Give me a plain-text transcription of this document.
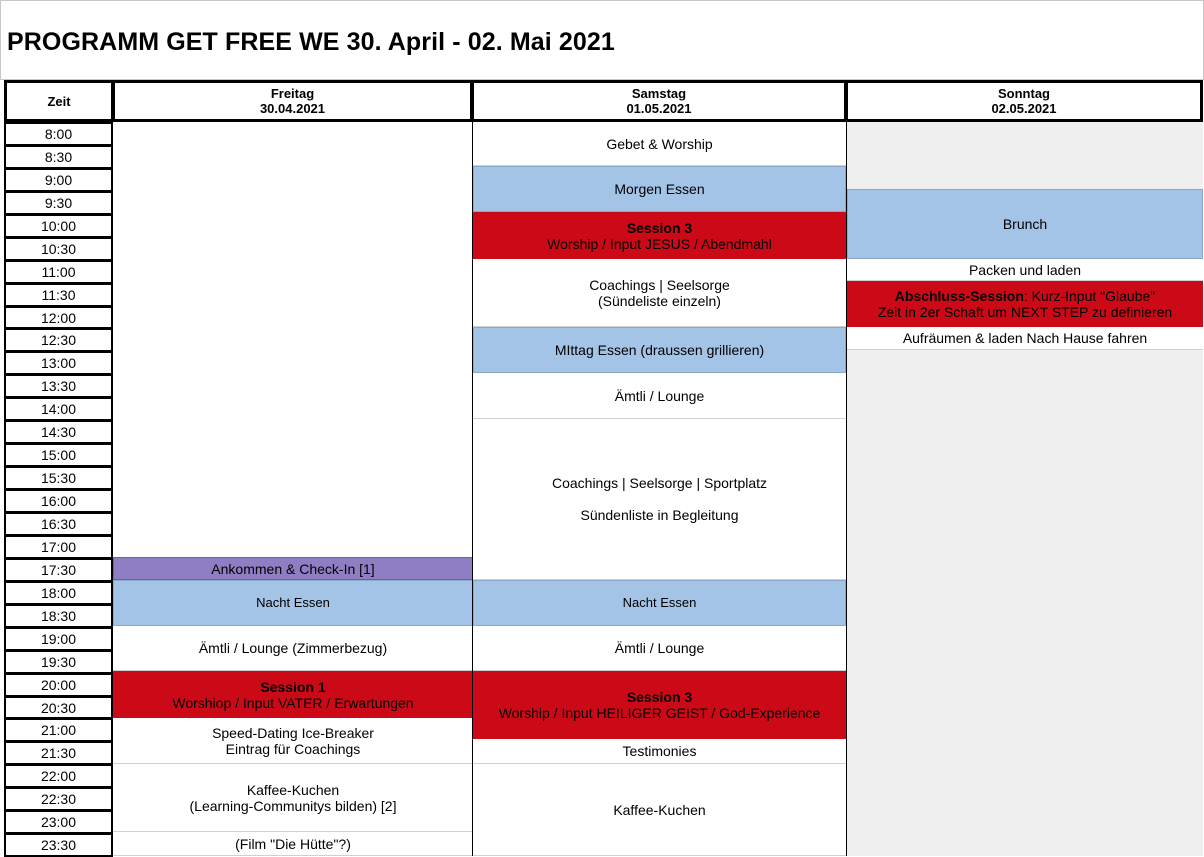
PROGRAMM GET FREE WE 30. April - 02. Mai 2021
Zeit	Freitag
30.04.2021
Samstag
01.05.2021
Sonntag
02.05.2021
8:00
8:30
9:00
9:30
10:00
10:30
11:00
11:30
12:00
12:30
13:00
13:30
14:00
14:30
15:00
15:30
16:00
16:30
17:00
17:30
18:00
18:30
19:00
19:30
20:00
20:30
21:00
21:30
22:00
22:30
23:00
23:30
Ankommen & Check-In [1]
Nacht Essen
Ämtli / Lounge (Zimmerbezug)
Session 1
Worshiop / Input VATER / Erwartungen
Speed-Dating Ice-Breaker
Eintrag für Coachings
Kaffee-Kuchen
(Learning-Communitys bilden) [2]
(Film "Die Hütte"?)
Gebet & Worship
Morgen Essen
Session 3
Worship / Input JESUS / Abendmahl
Coachings | Seelsorge
(Sündeliste einzeln)
MIttag Essen (draussen grillieren)
Ämtli / Lounge
Coachings | Seelsorge | Sportplatz
Sündenliste in Begleitung
Nacht Essen
Ämtli / Lounge
Session 3
Worship / Input HEILIGER GEIST / God-Experience
Testimonies
Kaffee-Kuchen
Brunch
Packen und laden
Abschluss-Session: Kurz-Input "Glaube"
Zeit in 2er Schaft um NEXT STEP zu definieren
Aufräumen & laden Nach Hause fahren
